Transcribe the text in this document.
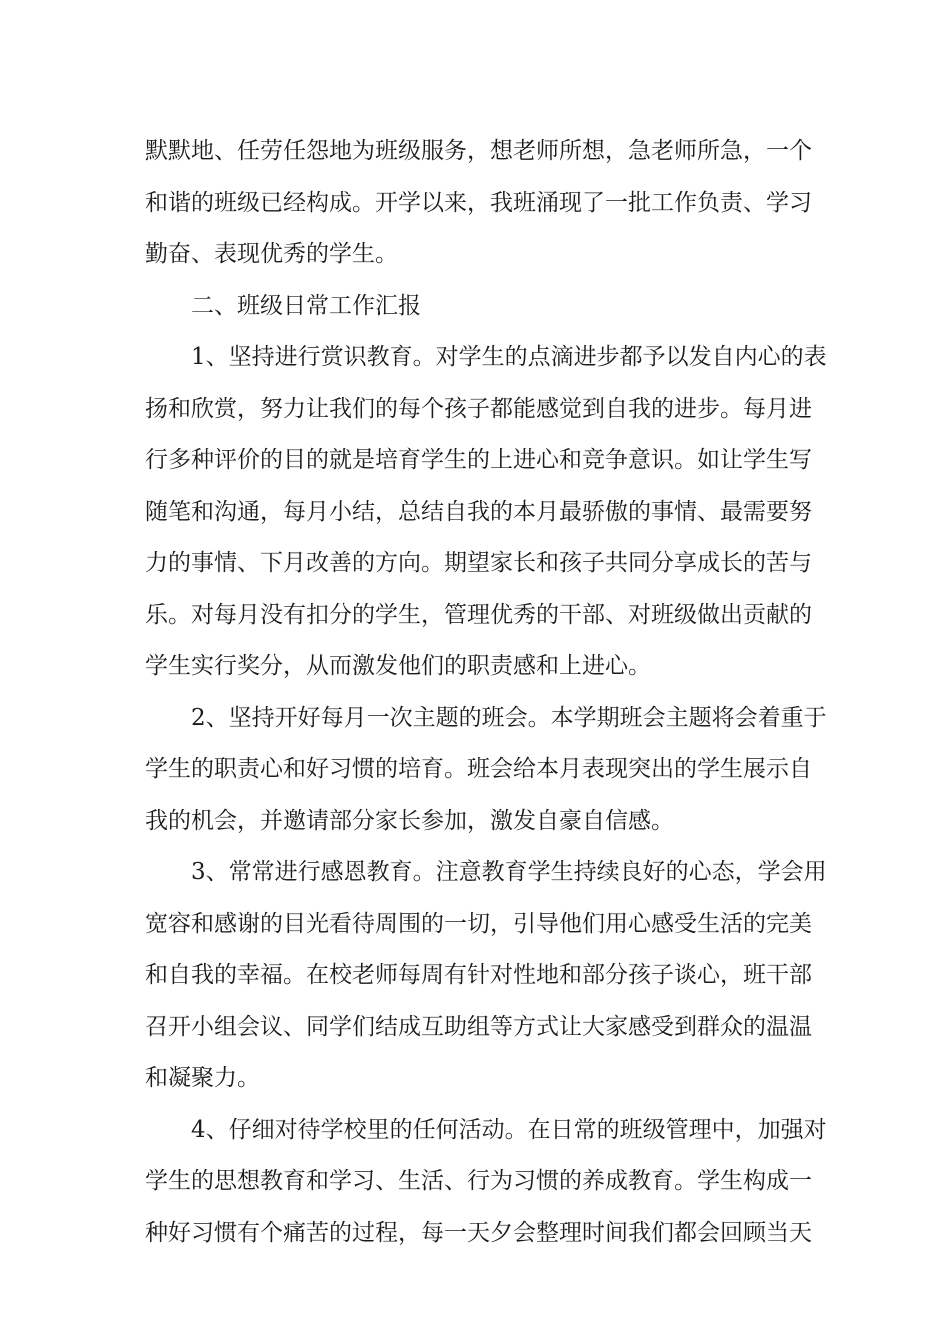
默默地、任劳任怨地为班级服务，想老师所想，急老师所急，一个
和谐的班级已经构成。开学以来，我班涌现了一批工作负责、学习
勤奋、表现优秀的学生。
二、班级日常工作汇报
1、坚持进行赏识教育。对学生的点滴进步都予以发自内心的表
扬和欣赏，努力让我们的每个孩子都能感觉到自我的进步。每月进
行多种评价的目的就是培育学生的上进心和竞争意识。如让学生写
随笔和沟通，每月小结，总结自我的本月最骄傲的事情、最需要努
力的事情、下月改善的方向。期望家长和孩子共同分享成长的苦与
乐。对每月没有扣分的学生，管理优秀的干部、对班级做出贡献的
学生实行奖分，从而激发他们的职责感和上进心。
2、坚持开好每月一次主题的班会。本学期班会主题将会着重于
学生的职责心和好习惯的培育。班会给本月表现突出的学生展示自
我的机会，并邀请部分家长参加，激发自豪自信感。
3、常常进行感恩教育。注意教育学生持续良好的心态，学会用
宽容和感谢的目光看待周围的一切，引导他们用心感受生活的完美
和自我的幸福。在校老师每周有针对性地和部分孩子谈心，班干部
召开小组会议、同学们结成互助组等方式让大家感受到群众的温温
和凝聚力。
4、仔细对待学校里的任何活动。在日常的班级管理中，加强对
学生的思想教育和学习、生活、行为习惯的养成教育。学生构成一
种好习惯有个痛苦的过程，每一天夕会整理时间我们都会回顾当天
